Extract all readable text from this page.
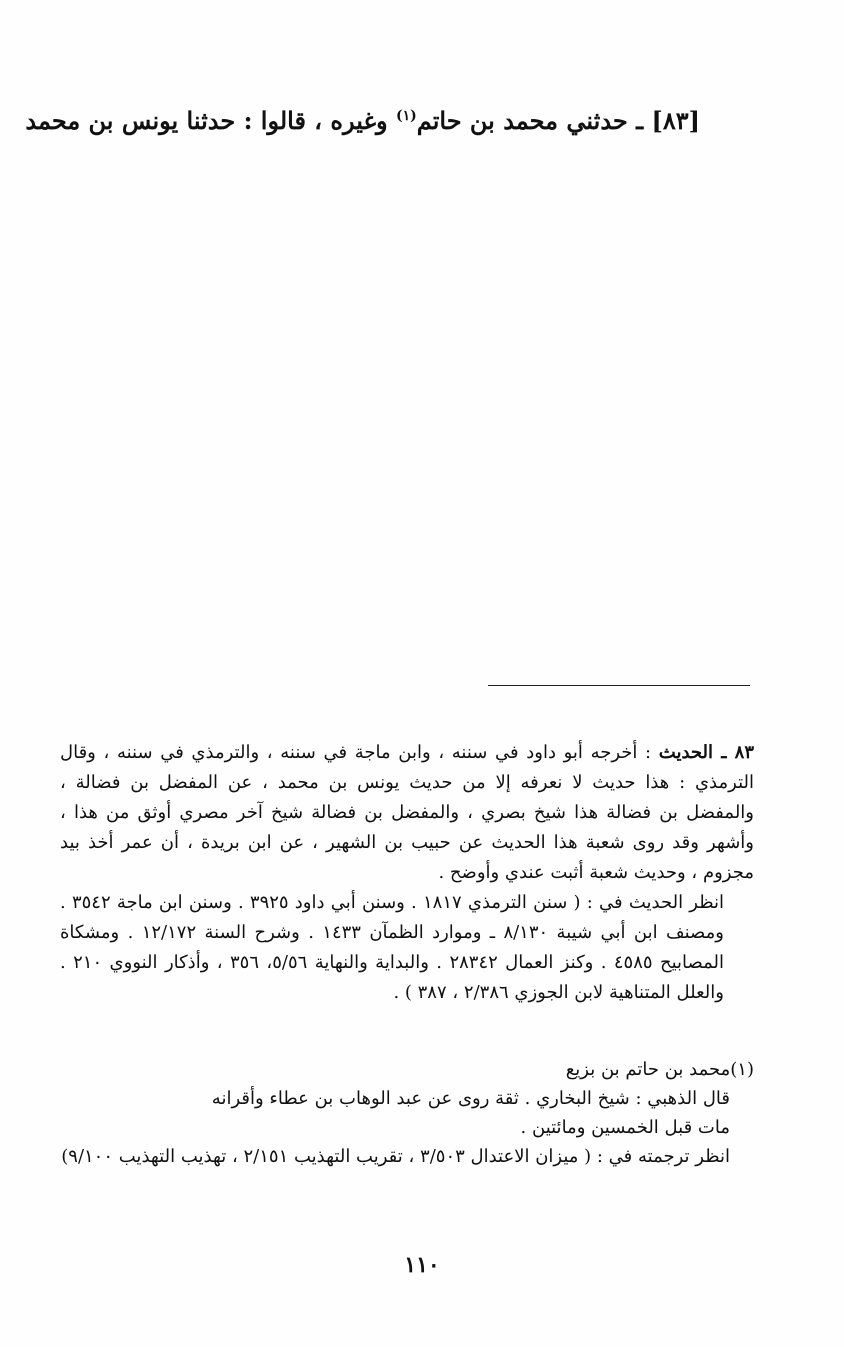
[٨٣] ـ حدثني محمد بن حاتم$^{(١)}$ وغيره ، قالوا : حدثنا يونس بن محمد

٨٣ ـ الحديث : أخرجه أبو داود في سننه ، وابن ماجة في سننه ، والترمذي في سننه ، وقال الترمذي : هذا حديث لا نعرفه إلا من حديث يونس بن محمد ، عن المفضل بن فضالة ، والمفضل بن فضالة هذا شيخ بصري ، والمفضل بن فضالة شيخ آخر مصري أوثق من هذا ، وأشهر وقد روى شعبة هذا الحديث عن حبيب بن الشهير ، عن ابن بريدة ، أن عمر أخذ بيد مجزوم ، وحديث شعبة أثبت عندي وأوضح .

انظر الحديث في : ( سنن الترمذي ١٨١٧ . وسنن أبي داود ٣٩٢٥ . وسنن ابن ماجة ٣٥٤٢ . ومصنف ابن أبي شيبة ٨/١٣٠ ـ وموارد الظمآن ١٤٣٣ . وشرح السنة ١٢/١٧٢ . ومشكاة المصابيح ٤٥٨٥ . وكنز العمال ٢٨٣٤٢ . والبداية والنهاية ٥/٥٦، ٣٥٦ ، وأذكار النووي ٢١٠ . والعلل المتناهية لابن الجوزي ٢/٣٨٦ ، ٣٨٧ ) .

(١)محمد بن حاتم بن بزيع

قال الذهبي : شيخ البخاري . ثقة روى عن عبد الوهاب بن عطاء وأقرانه

مات قبل الخمسين ومائتين .

انظر ترجمته في : ( ميزان الاعتدال ٣/٥٠٣ ، تقريب التهذيب ٢/١٥١ ، تهذيب التهذيب ٩/١٠٠)

١١٠
